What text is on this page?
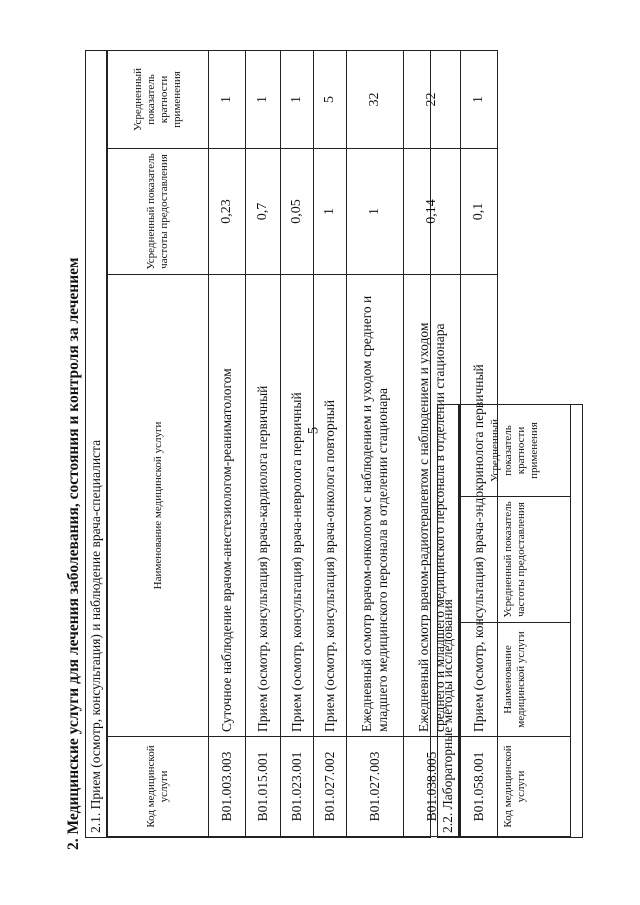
5
2. Медицинские услуги для лечения заболевания, состояния и контроля за лечением 2.1. Прием (осмотр, консультация) и наблюдение врача-специалиста	Код медицинской услуги	Наименование медицинской услуги	Усредненный показатель частоты предоставления	Усредненный показатель кратности применения
B01.003.003	Суточное наблюдение врачом-анестезиологом-реаниматологом	0,23	1
B01.015.001	Прием (осмотр, консультация) врача-кардиолога первичный	0,7	1
B01.023.001	Прием (осмотр, консультация) врача-невролога первичный	0,05	1
B01.027.002	Прием (осмотр, консультация) врача-онколога повторный	1	5
B01.027.003	Ежедневный осмотр врачом-онкологом с наблюдением и уходом среднего и младшего медицинского персонала в отделении стационара	1	32
B01.038.005	Ежедневный осмотр врачом-радиотерапевтом с наблюдением и уходом среднего и младшего медицинского персонала в отделении стационара	0,14	22
B01.058.001	Прием (осмотр, консультация) врача-эндокринолога первичный	0,1	1
2.2. Лабораторные методы исследования	Код медицинской услуги	Наименование медицинской услуги	Усредненный показатель частоты предоставления	Усредненный показатель кратности применения
